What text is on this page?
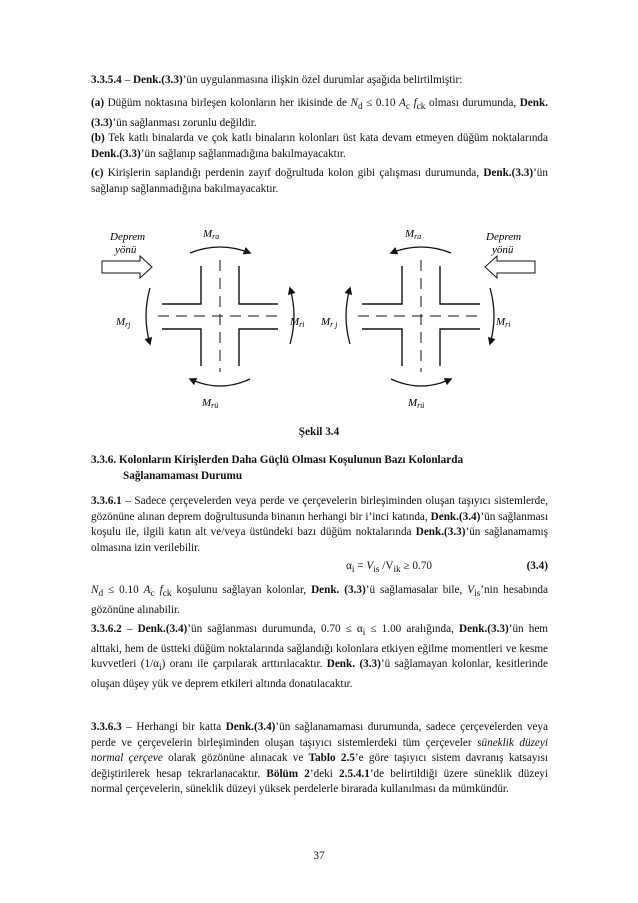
3.3.5.4 – Denk.(3.3)’ün uygulanmasına ilişkin özel durumlar aşağıda belirtilmiştir:

(a) Düğüm noktasına birleşen kolonların her ikisinde de $N_d \le 0.10$ $A_c$ $f_{ck}$ olması durumunda, Denk.(3.3)’ün sağlanması zorunlu değildir.

(b) Tek katlı binalarda ve çok katlı binaların kolonları üst kata devam etmeyen düğüm noktalarında Denk.(3.3)’ün sağlanıp sağlanmadığına bakılmayacaktır.

(c) Kirişlerin saplandığı perdenin zayıf doğrultuda kolon gibi çalışması durumunda, Denk.(3.3)’ün sağlanıp sağlanmadığına bakılmayacaktır.

Deprem
yönü
Mra
Mrj	Mri
Mrü
Deprem
yönü
Mra
Mr j	Mri
Mrü
Şekil 3.4

3.3.6. Kolonların Kirişlerden Daha Güçlü Olması Koşulunun Bazı Kolonlarda
Sağlanamaması Durumu

3.3.6.1 – Sadece çerçevelerden veya perde ve çerçevelerin birleşiminden oluşan taşıyıcı sistemlerde, gözönüne alınan deprem doğrultusunda binanın herhangi bir i’inci katında, Denk.(3.4)’ün sağlanması koşulu ile, ilgili katın alt ve/veya üstündeki bazı düğüm noktalarında Denk.(3.3)’ün sağlanamamış olmasına izin verilebilir.

$\alpha_i = V_{is}$ $/V_{ik} \ge 0.70$	(3.4)

$N_d \le 0.10$ $A_c$ $f_{ck}$ koşulunu sağlayan kolonlar, Denk. (3.3)’ü sağlamasalar bile, $V_{is}’nin$ hesabında gözönüne alınabilir.

3.3.6.2 – Denk.(3.4)’ün sağlanması durumunda, $0.70 \le \alpha_i \le 1.00$ aralığında, Denk.(3.3)’ün hem alttaki, hem de üstteki düğüm noktalarında sağlandığı kolonlara etkiyen eğilme momentleri ve kesme kuvvetleri $(1/\alpha_i)$ oranı ile çarpılarak arttırılacaktır. Denk. (3.3)’ü sağlamayan kolonlar, kesitlerinde oluşan düşey yük ve deprem etkileri altında donatılacaktır.

3.3.6.3 – Herhangi bir katta Denk.(3.4)’ün sağlanamaması durumunda, sadece çerçevelerden veya perde ve çerçevelerin birleşiminden oluşan taşıyıcı sistemlerdeki tüm çerçeveler süneklik düzeyi normal çerçeve olarak gözönüne alınacak ve Tablo 2.5’e göre taşıyıcı sistem davranış katsayısı değiştirilerek hesap tekrarlanacaktır. Bölüm 2’deki 2.5.4.1’de belirtildiği üzere süneklik düzeyi normal çerçevelerin, süneklik düzeyi yüksek perdelerle birarada kullanılması da mümkündür.

37
